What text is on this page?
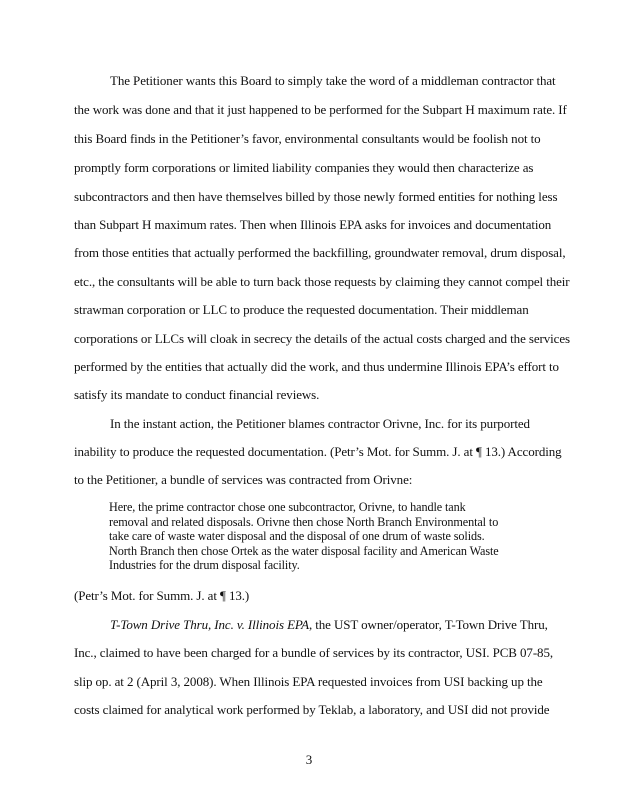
The Petitioner wants this Board to simply take the word of a middleman contractor that
the work was done and that it just happened to be performed for the Subpart H maximum rate. If
this Board finds in the Petitioner’s favor, environmental consultants would be foolish not to
promptly form corporations or limited liability companies they would then characterize as
subcontractors and then have themselves billed by those newly formed entities for nothing less
than Subpart H maximum rates. Then when Illinois EPA asks for invoices and documentation
from those entities that actually performed the backfilling, groundwater removal, drum disposal,
etc., the consultants will be able to turn back those requests by claiming they cannot compel their
strawman corporation or LLC to produce the requested documentation. Their middleman
corporations or LLCs will cloak in secrecy the details of the actual costs charged and the services
performed by the entities that actually did the work, and thus undermine Illinois EPA’s effort to
satisfy its mandate to conduct financial reviews.
In the instant action, the Petitioner blames contractor Orivne, Inc. for its purported
inability to produce the requested documentation. (Petr’s Mot. for Summ. J. at ¶ 13.) According
to the Petitioner, a bundle of services was contracted from Orivne:
Here, the prime contractor chose one subcontractor, Orivne, to handle tank
removal and related disposals. Orivne then chose North Branch Environmental to
take care of waste water disposal and the disposal of one drum of waste solids.
North Branch then chose Ortek as the water disposal facility and American Waste
Industries for the drum disposal facility.
(Petr’s Mot. for Summ. J. at ¶ 13.)
T-Town Drive Thru, Inc. v. Illinois EPA, the UST owner/operator, T-Town Drive Thru,
Inc., claimed to have been charged for a bundle of services by its contractor, USI. PCB 07-85,
slip op. at 2 (April 3, 2008). When Illinois EPA requested invoices from USI backing up the
costs claimed for analytical work performed by Teklab, a laboratory, and USI did not provide
3
